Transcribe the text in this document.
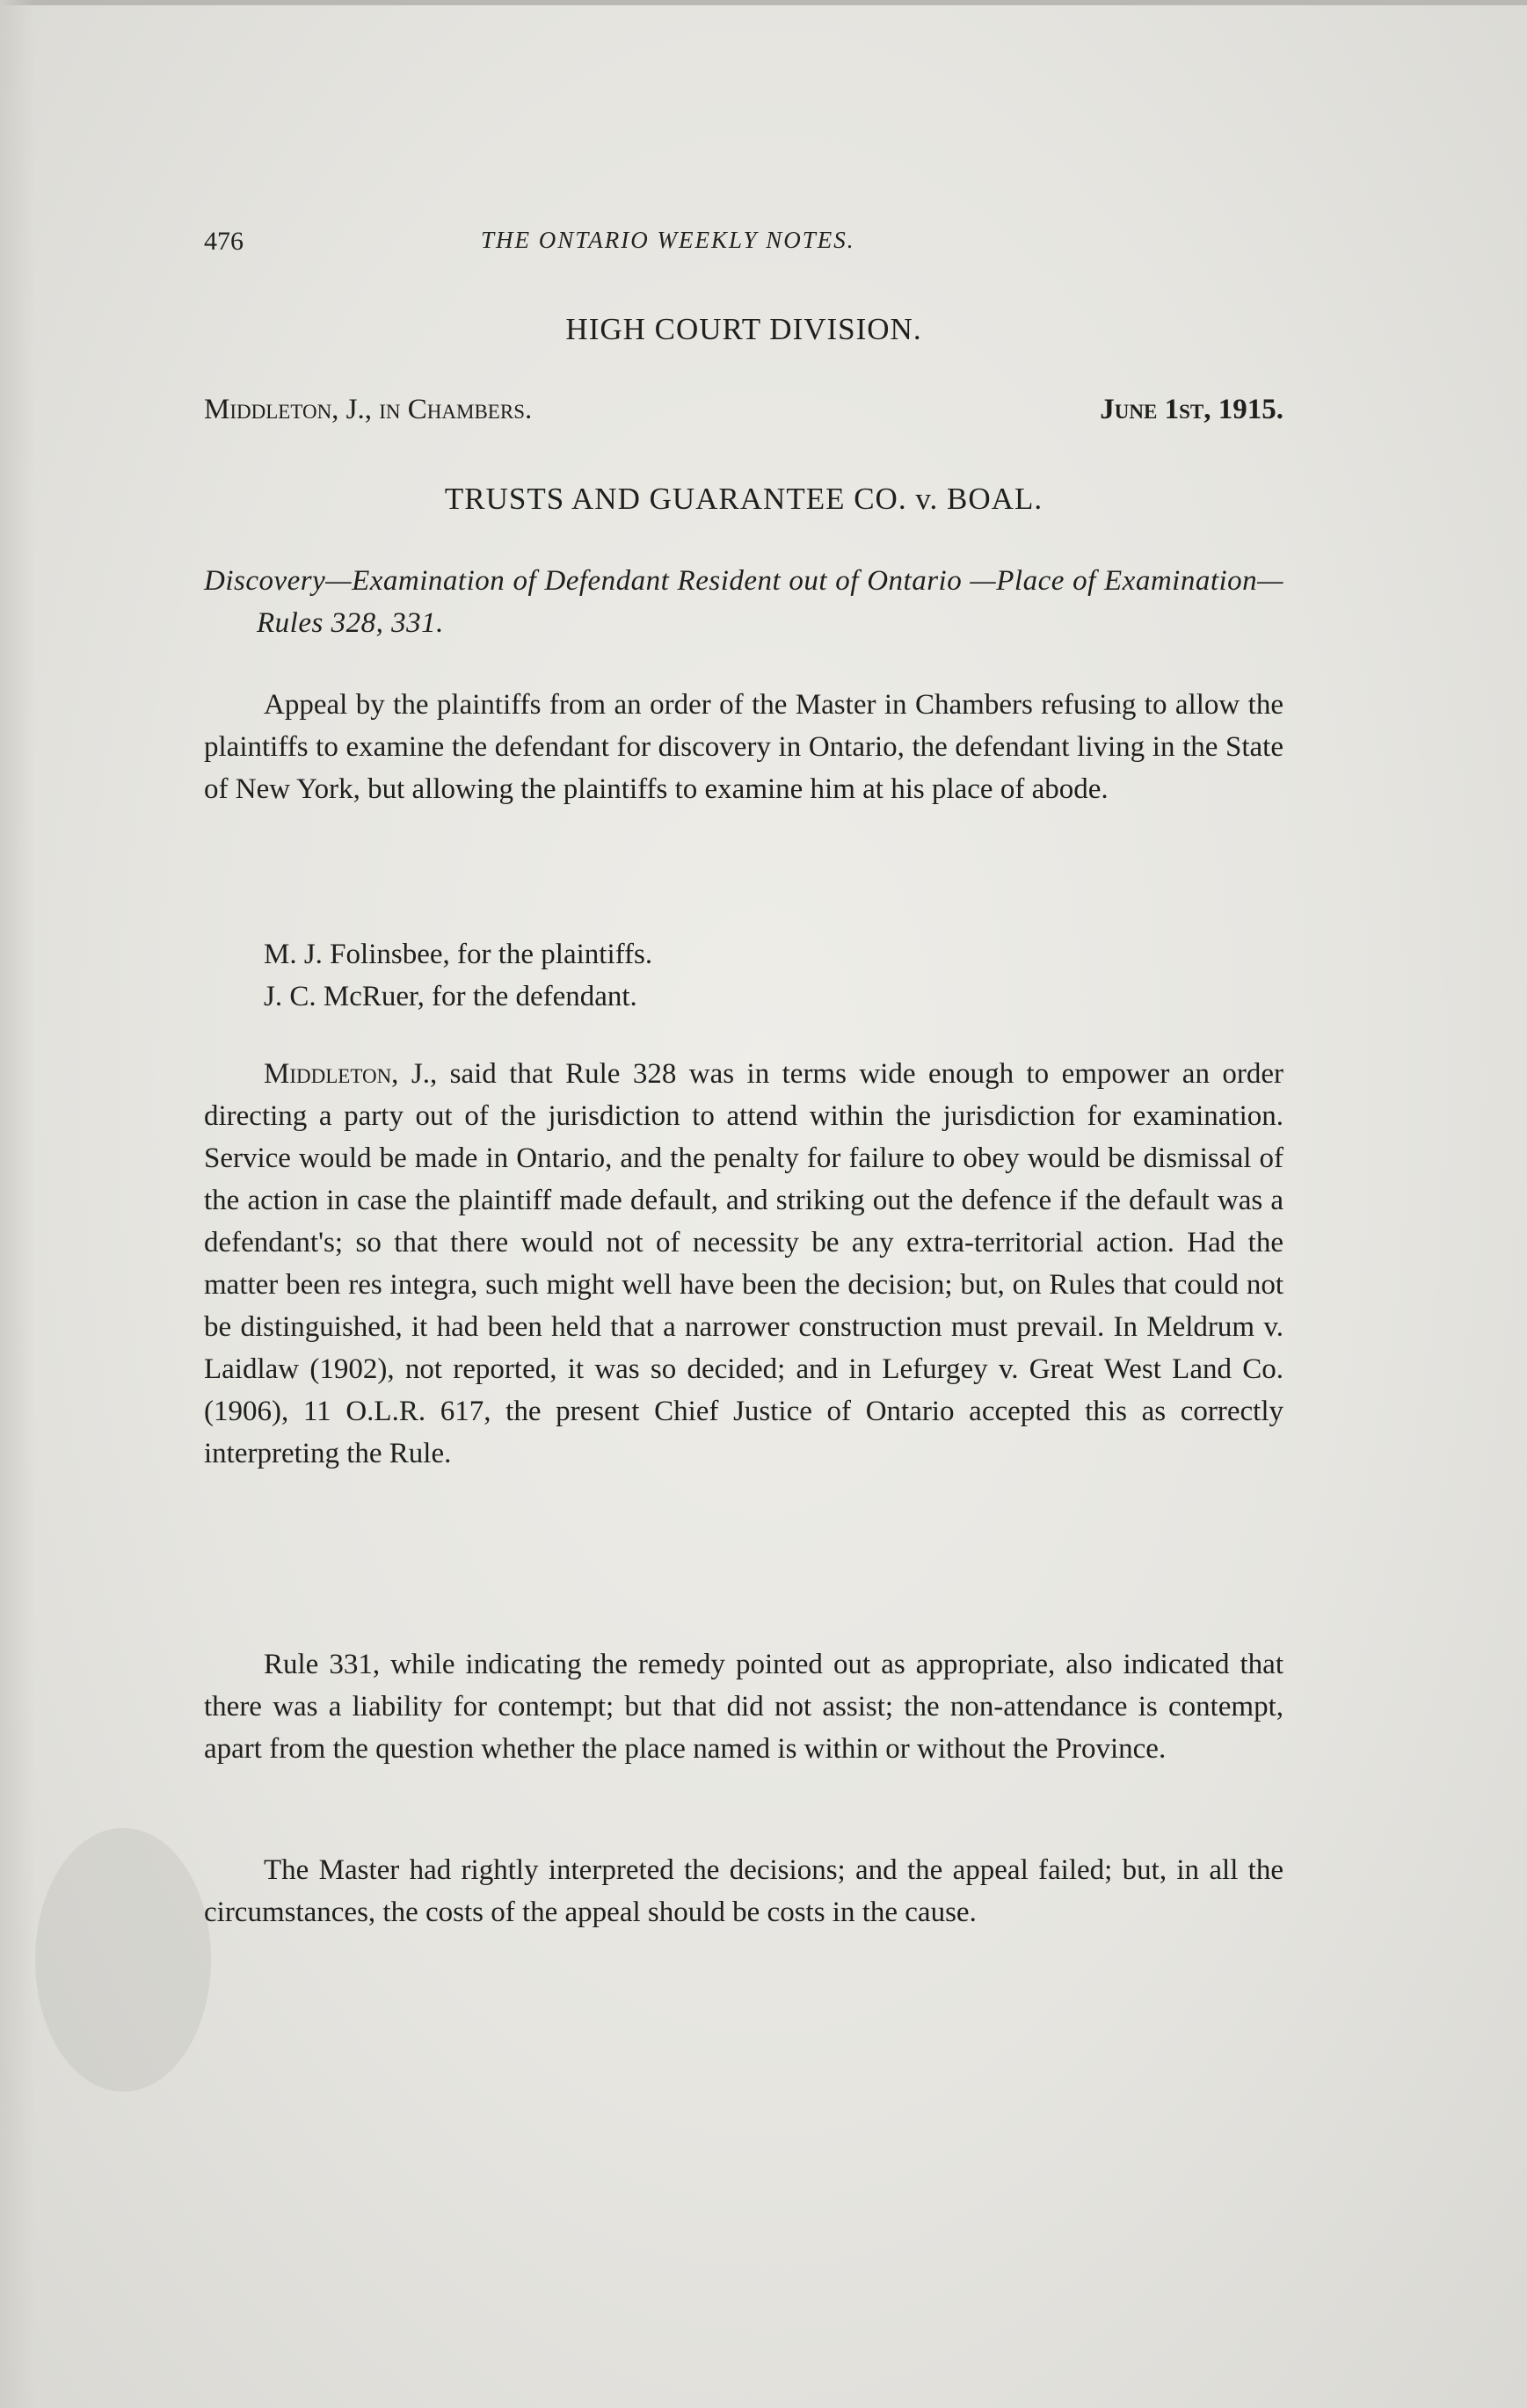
476	THE ONTARIO WEEKLY NOTES.
HIGH COURT DIVISION.
Middleton, J., in Chambers.	June 1st, 1915.
TRUSTS AND GUARANTEE CO. v. BOAL.
Discovery—Examination of Defendant Resident out of Ontario —Place of Examination—Rules 328, 331.
Appeal by the plaintiffs from an order of the Master in Chambers refusing to allow the plaintiffs to examine the defendant for discovery in Ontario, the defendant living in the State of New York, but allowing the plaintiffs to examine him at his place of abode.
M. J. Folinsbee, for the plaintiffs.
J. C. McRuer, for the defendant.
Middleton, J., said that Rule 328 was in terms wide enough to empower an order directing a party out of the jurisdiction to attend within the jurisdiction for examination. Service would be made in Ontario, and the penalty for failure to obey would be dismissal of the action in case the plaintiff made default, and striking out the defence if the default was a defendant's; so that there would not of necessity be any extra-territorial action. Had the matter been res integra, such might well have been the decision; but, on Rules that could not be distinguished, it had been held that a narrower construction must prevail. In Meldrum v. Laidlaw (1902), not reported, it was so decided; and in Lefurgey v. Great West Land Co. (1906), 11 O.L.R. 617, the present Chief Justice of Ontario accepted this as correctly interpreting the Rule.
Rule 331, while indicating the remedy pointed out as appropriate, also indicated that there was a liability for contempt; but that did not assist; the non-attendance is contempt, apart from the question whether the place named is within or without the Province.
The Master had rightly interpreted the decisions; and the appeal failed; but, in all the circumstances, the costs of the appeal should be costs in the cause.
